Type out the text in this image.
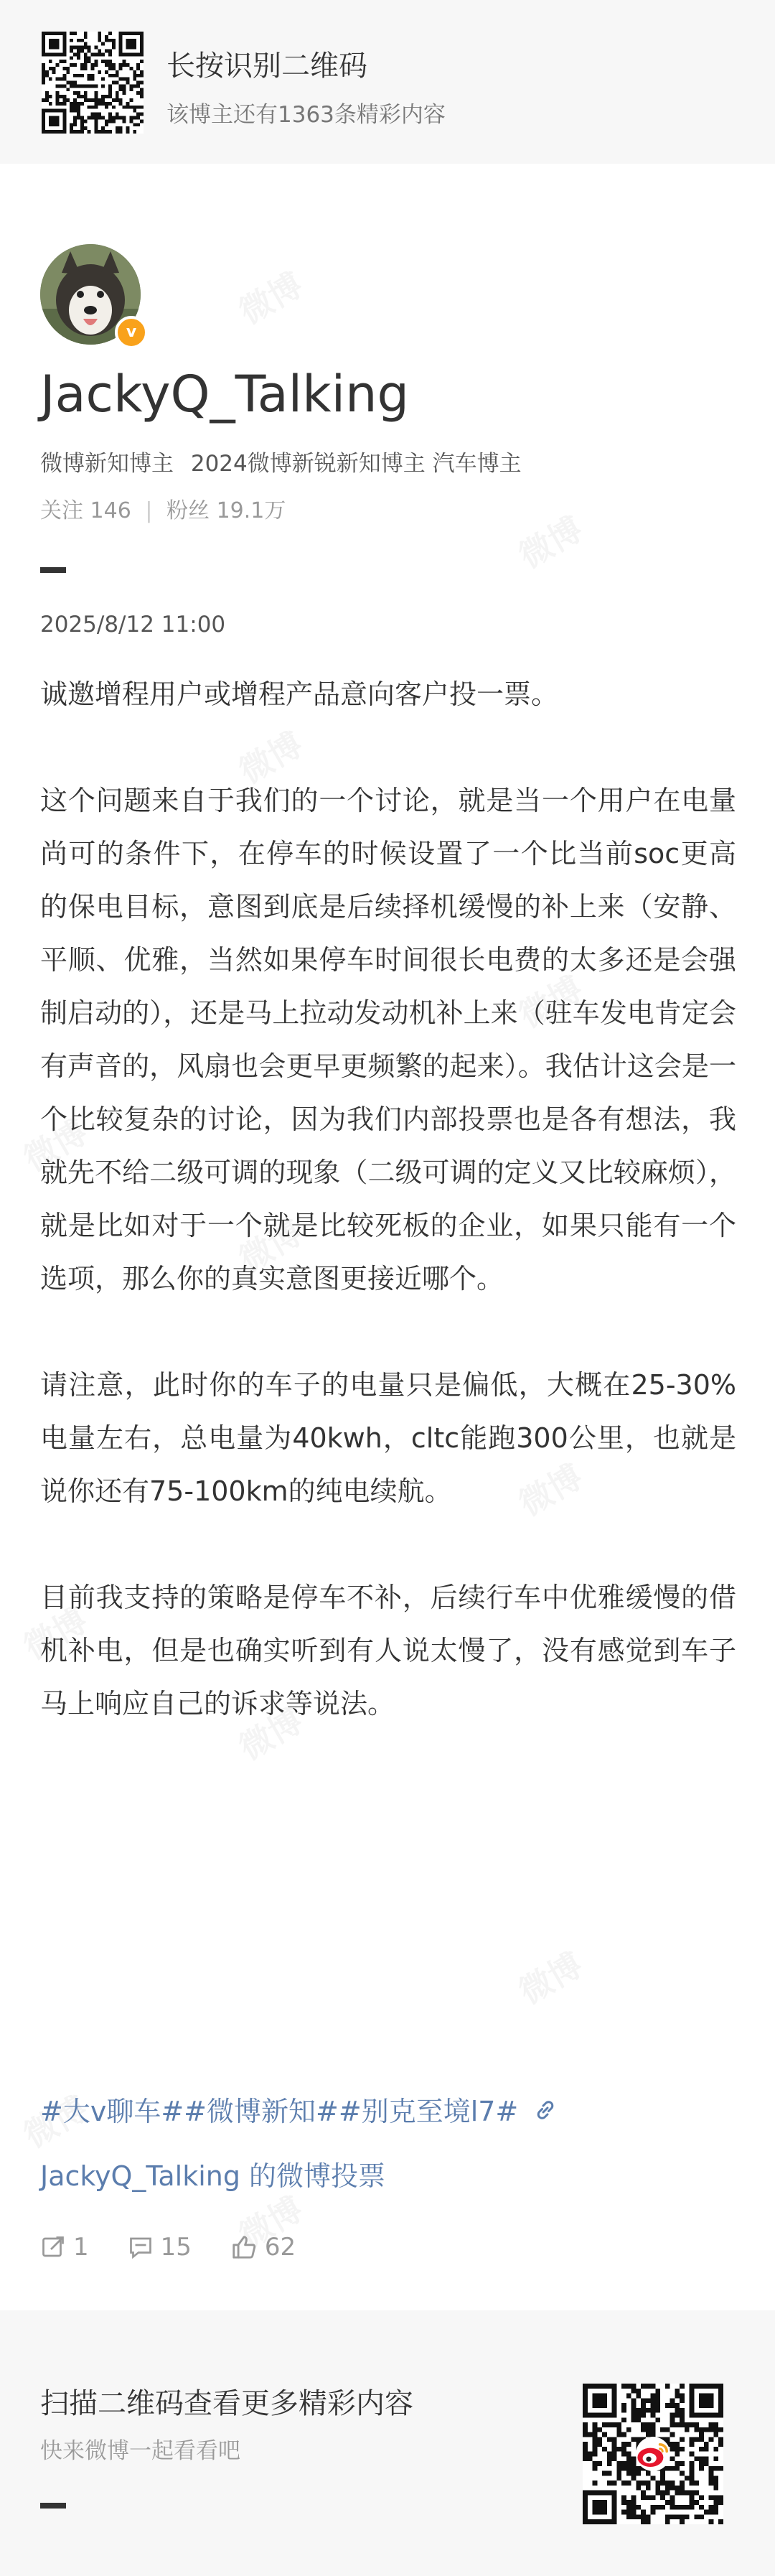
长按识别二维码
该博主还有1363条精彩内容
v
JackyQ_Talking
微博新知博主 2024微博新锐新知博主 汽车博主
关注 146 | 粉丝 19.1万
2025/8/12 11:00

诚邀增程用户或增程产品意向客户投一票。

这个问题来自于我们的一个讨论，就是当一个用户在电量尚可的条件下，在停车的时候设置了一个比当前soc更高的保电目标，意图到底是后续择机缓慢的补上来（安静、平顺、优雅，当然如果停车时间很长电费的太多还是会强制启动的），还是马上拉动发动机补上来（驻车发电肯定会有声音的，风扇也会更早更频繁的起来）。我估计这会是一个比较复杂的讨论，因为我们内部投票也是各有想法，我就先不给二级可调的现象（二级可调的定义又比较麻烦），就是比如对于一个就是比较死板的企业，如果只能有一个选项，那么你的真实意图更接近哪个。

请注意，此时你的车子的电量只是偏低，大概在25-30%电量左右，总电量为40kwh，cltc能跑300公里，也就是说你还有75-100km的纯电续航。

目前我支持的策略是停车不补，后续行车中优雅缓慢的借机补电，但是也确实听到有人说太慢了，没有感觉到车子马上响应自己的诉求等说法。

#大v聊车##微博新知##别克至境l7#
JackyQ_Talking 的微博投票
1	15	62
扫描二维码查看更多精彩内容
快来微博一起看看吧
